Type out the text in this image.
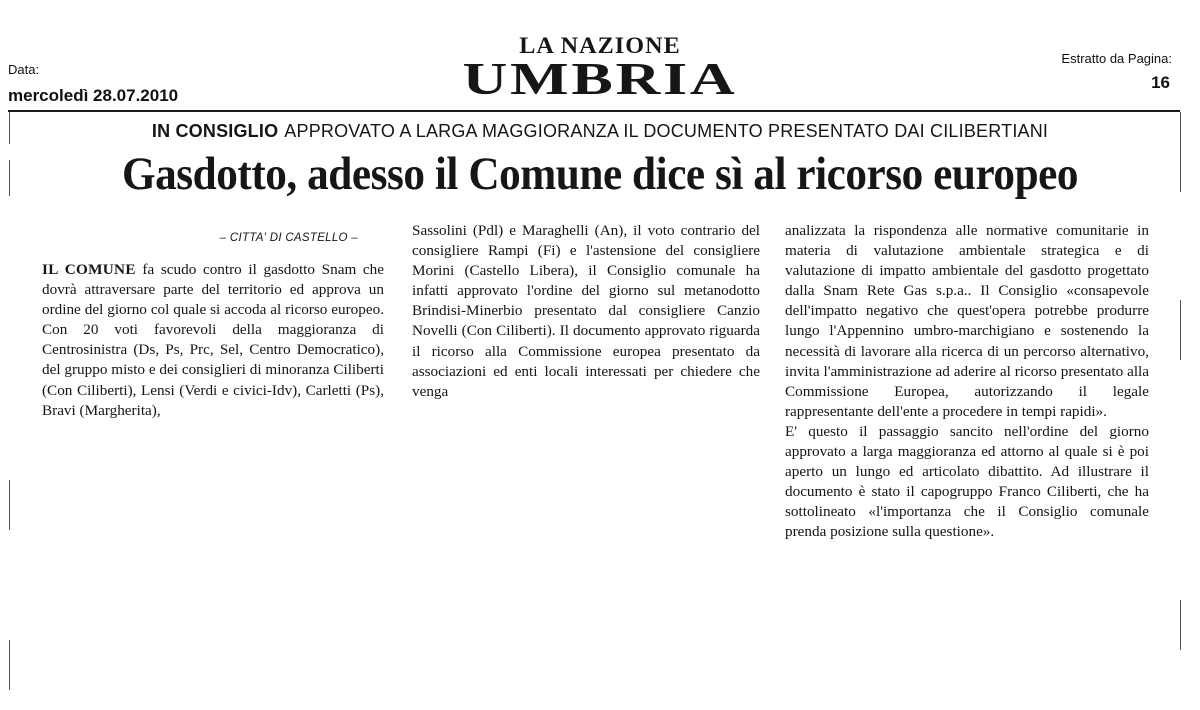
Data:
mercoledì 28.07.2010
LA NAZIONE
UMBRIA	Estratto da Pagina:
16
IN CONSIGLIO APPROVATO A LARGA MAGGIORANZA IL DOCUMENTO PRESENTATO DAI CILIBERTIANI
Gasdotto, adesso il Comune dice sì al ricorso europeo
– CITTA' DI CASTELLO –

IL COMUNE fa scudo contro il gasdotto Snam che dovrà attraversare parte del territorio ed approva un ordine del giorno col quale si accoda al ricorso europeo. Con 20 voti favorevoli della maggioranza di Centrosinistra (Ds, Ps, Prc, Sel, Centro Democratico), del gruppo misto e dei consiglieri di minoranza Ciliberti (Con Ciliberti), Lensi (Verdi e civici-Idv), Carletti (Ps), Bravi (Margherita),

Sassolini (Pdl) e Maraghelli (An), il voto contrario del consigliere Rampi (Fi) e l'astensione del consigliere Morini (Castello Libera), il Consiglio comunale ha infatti approvato l'ordine del giorno sul metanodotto Brindisi-Minerbio presentato dal consigliere Canzio Novelli (Con Ciliberti). Il documento approvato riguarda il ricorso alla Commissione europea presentato da associazioni ed enti locali interessati per chiedere che venga

analizzata la rispondenza alle normative comunitarie in materia di valutazione ambientale strategica e di valutazione di impatto ambientale del gasdotto progettato dalla Snam Rete Gas s.p.a.. Il Consiglio «consapevole dell'impatto negativo che quest'opera potrebbe produrre lungo l'Appennino umbro-marchigiano e sostenendo la necessità di lavorare alla ricerca di un percorso alternativo, invita l'amministrazione ad aderire al ricorso presentato alla Commissione Europea, autorizzando il legale rappresentante dell'ente a procedere in tempi rapidi».

E' questo il passaggio sancito nell'ordine del giorno approvato a larga maggioranza ed attorno al quale si è poi aperto un lungo ed articolato dibattito. Ad illustrare il documento è stato il capogruppo Franco Ciliberti, che ha sottolineato «l'importanza che il Consiglio comunale prenda posizione sulla questione».
